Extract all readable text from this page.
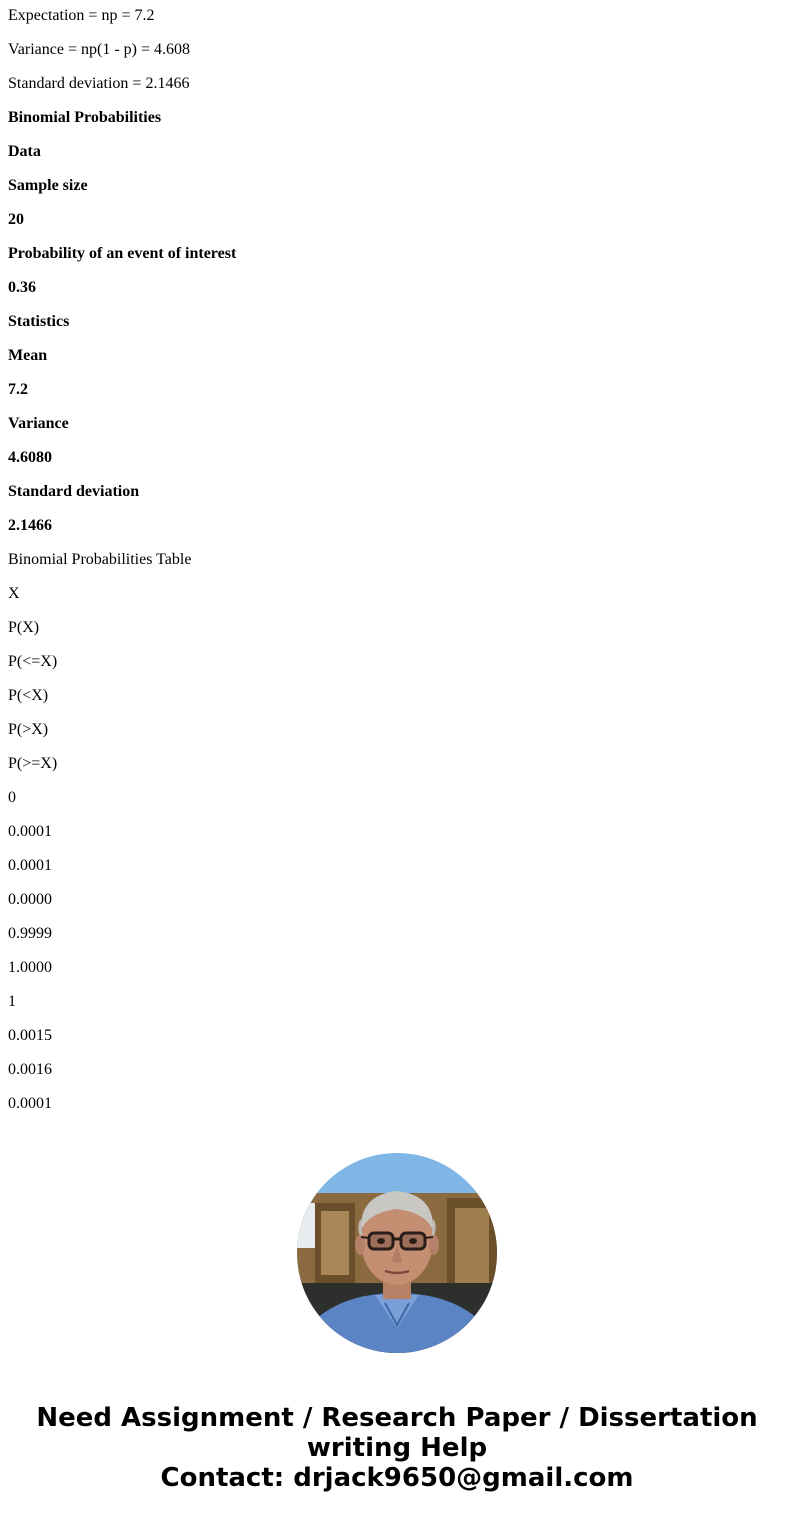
Expectation = np = 7.2
Variance = np(1 - p) = 4.608
Standard deviation = 2.1466
Binomial Probabilities
Data
Sample size
20
Probability of an event of interest
0.36
Statistics
Mean
7.2
Variance
4.6080
Standard deviation
2.1466
Binomial Probabilities Table
X
P(X)
P(<=X)
P(<X)
P(>X)
P(>=X)
0
0.0001
0.0001
0.0000
0.9999
1.0000
1
0.0015
0.0016
0.0001
Need Assignment / Research Paper / Dissertation
writing Help
Contact: drjack9650@gmail.com
